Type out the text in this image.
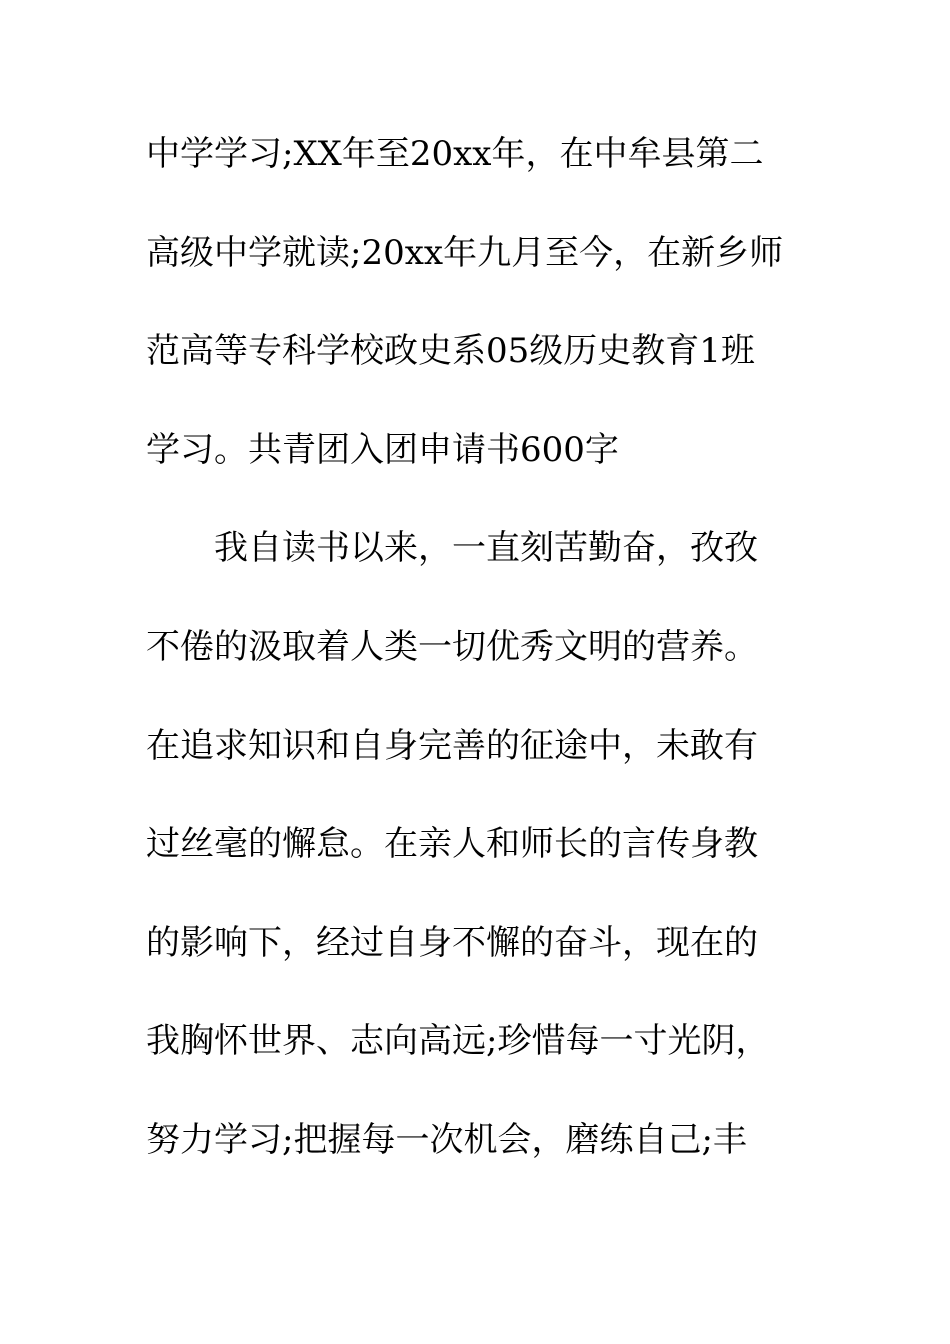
中学学习;XX年至20xx年，在中牟县第二
高级中学就读;20xx年九月至今，在新乡师
范高等专科学校政史系05级历史教育1班
学习。共青团入团申请书600字
　　我自读书以来，一直刻苦勤奋，孜孜
不倦的汲取着人类一切优秀文明的营养。
在追求知识和自身完善的征途中，未敢有
过丝毫的懈怠。在亲人和师长的言传身教
的影响下，经过自身不懈的奋斗，现在的
我胸怀世界、志向高远;珍惜每一寸光阴，
努力学习;把握每一次机会，磨练自己;丰
